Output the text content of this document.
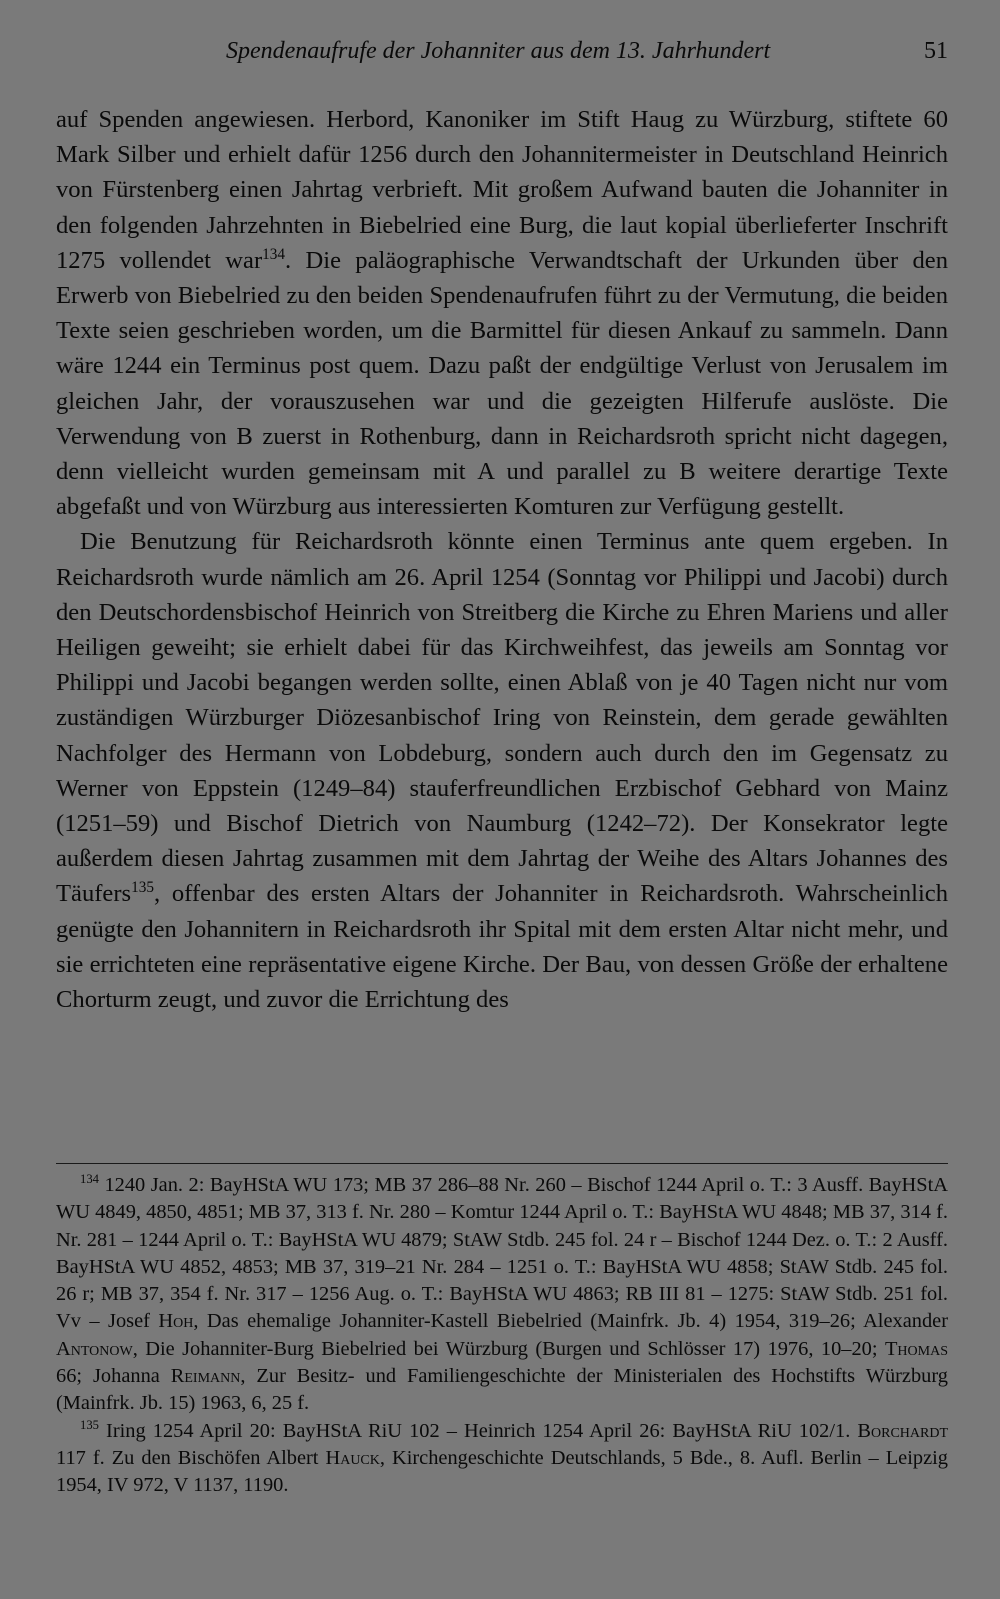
Spendenaufrufe der Johanniter aus dem 13. Jahrhundert	51

auf Spenden angewiesen. Herbord, Kanoniker im Stift Haug zu Würzburg, stiftete 60 Mark Silber und erhielt dafür 1256 durch den Johannitermeister in Deutschland Heinrich von Fürstenberg einen Jahrtag verbrieft. Mit großem Aufwand bauten die Johanniter in den folgenden Jahrzehnten in Biebelried eine Burg, die laut kopial überlieferter Inschrift 1275 vollendet war$^{134}$. Die paläographische Verwandtschaft der Urkunden über den Erwerb von Biebelried zu den beiden Spendenaufrufen führt zu der Vermutung, die beiden Texte seien geschrieben worden, um die Barmittel für diesen Ankauf zu sammeln. Dann wäre 1244 ein Terminus post quem. Dazu paßt der endgültige Verlust von Jerusalem im gleichen Jahr, der vorauszusehen war und die gezeigten Hilferufe auslöste. Die Verwendung von B zuerst in Rothenburg, dann in Reichardsroth spricht nicht dagegen, denn vielleicht wurden gemeinsam mit A und parallel zu B weitere derartige Texte abgefaßt und von Würzburg aus interessierten Komturen zur Verfügung gestellt.

Die Benutzung für Reichardsroth könnte einen Terminus ante quem ergeben. In Reichardsroth wurde nämlich am 26. April 1254 (Sonntag vor Philippi und Jacobi) durch den Deutschordensbischof Heinrich von Streitberg die Kirche zu Ehren Mariens und aller Heiligen geweiht; sie erhielt dabei für das Kirchweihfest, das jeweils am Sonntag vor Philippi und Jacobi begangen werden sollte, einen Ablaß von je 40 Tagen nicht nur vom zuständigen Würzburger Diözesanbischof Iring von Reinstein, dem gerade gewählten Nachfolger des Hermann von Lobdeburg, sondern auch durch den im Gegensatz zu Werner von Eppstein (1249–84) stauferfreundlichen Erzbischof Gebhard von Mainz (1251–59) und Bischof Dietrich von Naumburg (1242–72). Der Konsekrator legte außerdem diesen Jahrtag zusammen mit dem Jahrtag der Weihe des Altars Johannes des Täufers$^{135}$, offenbar des ersten Altars der Johanniter in Reichardsroth. Wahrscheinlich genügte den Johannitern in Reichardsroth ihr Spital mit dem ersten Altar nicht mehr, und sie errichteten eine repräsentative eigene Kirche. Der Bau, von dessen Größe der erhaltene Chorturm zeugt, und zuvor die Errichtung des

$^{134}$ 1240 Jan. 2: BayHStA WU 173; MB 37 286–88 Nr. 260 – Bischof 1244 April o. T.: 3 Ausff. BayHStA WU 4849, 4850, 4851; MB 37, 313 f. Nr. 280 – Komtur 1244 April o. T.: BayHStA WU 4848; MB 37, 314 f. Nr. 281 – 1244 April o. T.: BayHStA WU 4879; StAW Stdb. 245 fol. 24 r – Bischof 1244 Dez. o. T.: 2 Ausff. BayHStA WU 4852, 4853; MB 37, 319–21 Nr. 284 – 1251 o. T.: BayHStA WU 4858; StAW Stdb. 245 fol. 26 r; MB 37, 354 f. Nr. 317 – 1256 Aug. o. T.: BayHStA WU 4863; RB III 81 – 1275: StAW Stdb. 251 fol. Vv – Josef Hoh, Das ehemalige Johanniter-Kastell Biebelried (Mainfrk. Jb. 4) 1954, 319–26; Alexander Antonow, Die Johanniter-Burg Biebelried bei Würzburg (Burgen und Schlösser 17) 1976, 10–20; Thomas 66; Johanna Reimann, Zur Besitz- und Familiengeschichte der Ministerialen des Hochstifts Würzburg (Mainfrk. Jb. 15) 1963, 6, 25 f.

$^{135}$ Iring 1254 April 20: BayHStA RiU 102 – Heinrich 1254 April 26: BayHStA RiU 102/1. Borchardt 117 f. Zu den Bischöfen Albert Hauck, Kirchengeschichte Deutschlands, 5 Bde., 8. Aufl. Berlin – Leipzig 1954, IV 972, V 1137, 1190.
